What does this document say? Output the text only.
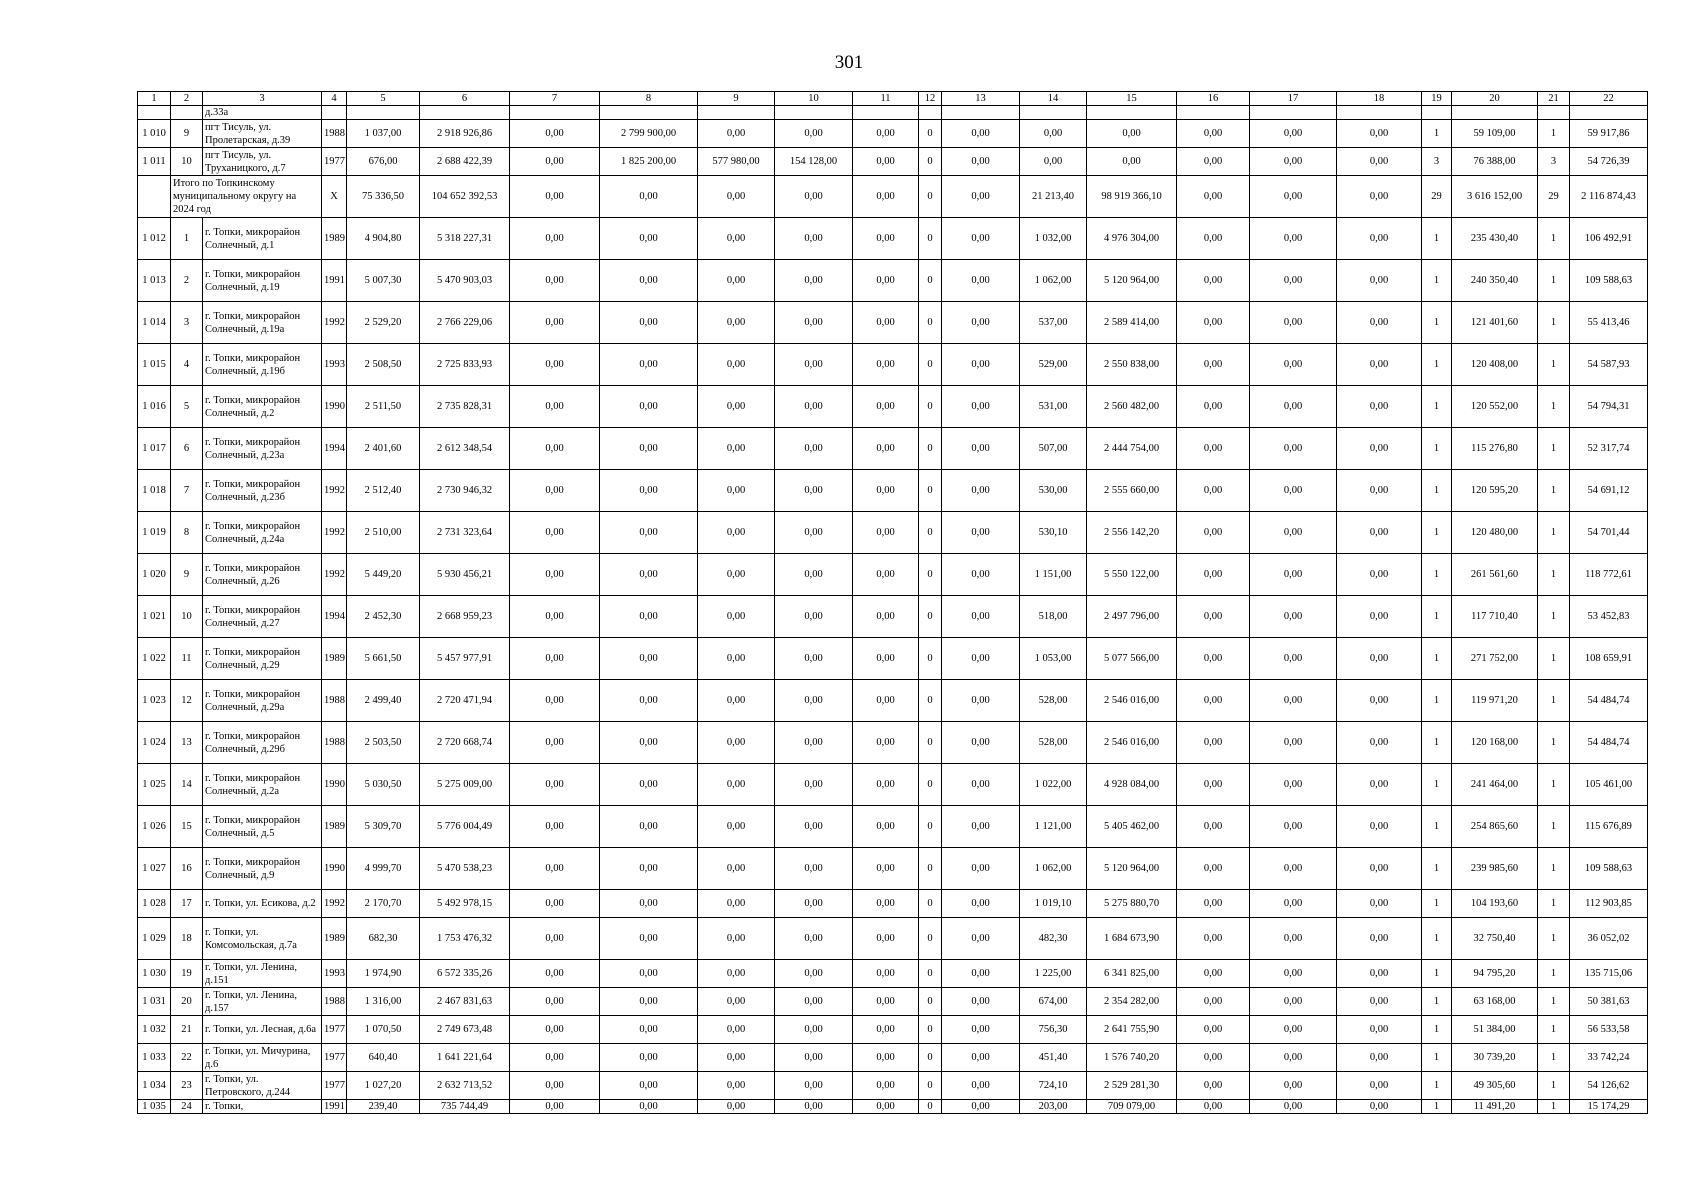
301
1	2	3	4	5	6	7	8	9	10	11	12	13	14	15	16	17	18	19	20	21	22
		д.33а																			
1 010	9	пгт Тисуль, ул. Пролетарская, д.39	1988	1 037,00	2 918 926,86	0,00	2 799 900,00	0,00	0,00	0,00	0	0,00	0,00	0,00	0,00	0,00	0,00	1	59 109,00	1	59 917,86
1 011	10	пгт Тисуль, ул. Труханицкого, д.7	1977	676,00	2 688 422,39	0,00	1 825 200,00	577 980,00	154 128,00	0,00	0	0,00	0,00	0,00	0,00	0,00	0,00	3	76 388,00	3	54 726,39
	Итого по Топкинскому муниципальному округу на 2024 год		X	75 336,50	104 652 392,53	0,00	0,00	0,00	0,00	0,00	0	0,00	21 213,40	98 919 366,10	0,00	0,00	0,00	29	3 616 152,00	29	2 116 874,43
1 012	1	г. Топки, микрорайон Солнечный, д.1	1989	4 904,80	5 318 227,31	0,00	0,00	0,00	0,00	0,00	0	0,00	1 032,00	4 976 304,00	0,00	0,00	0,00	1	235 430,40	1	106 492,91
1 013	2	г. Топки, микрорайон Солнечный, д.19	1991	5 007,30	5 470 903,03	0,00	0,00	0,00	0,00	0,00	0	0,00	1 062,00	5 120 964,00	0,00	0,00	0,00	1	240 350,40	1	109 588,63
1 014	3	г. Топки, микрорайон Солнечный, д.19а	1992	2 529,20	2 766 229,06	0,00	0,00	0,00	0,00	0,00	0	0,00	537,00	2 589 414,00	0,00	0,00	0,00	1	121 401,60	1	55 413,46
1 015	4	г. Топки, микрорайон Солнечный, д.19б	1993	2 508,50	2 725 833,93	0,00	0,00	0,00	0,00	0,00	0	0,00	529,00	2 550 838,00	0,00	0,00	0,00	1	120 408,00	1	54 587,93
1 016	5	г. Топки, микрорайон Солнечный, д.2	1990	2 511,50	2 735 828,31	0,00	0,00	0,00	0,00	0,00	0	0,00	531,00	2 560 482,00	0,00	0,00	0,00	1	120 552,00	1	54 794,31
1 017	6	г. Топки, микрорайон Солнечный, д.23а	1994	2 401,60	2 612 348,54	0,00	0,00	0,00	0,00	0,00	0	0,00	507,00	2 444 754,00	0,00	0,00	0,00	1	115 276,80	1	52 317,74
1 018	7	г. Топки, микрорайон Солнечный, д.23б	1992	2 512,40	2 730 946,32	0,00	0,00	0,00	0,00	0,00	0	0,00	530,00	2 555 660,00	0,00	0,00	0,00	1	120 595,20	1	54 691,12
1 019	8	г. Топки, микрорайон Солнечный, д.24а	1992	2 510,00	2 731 323,64	0,00	0,00	0,00	0,00	0,00	0	0,00	530,10	2 556 142,20	0,00	0,00	0,00	1	120 480,00	1	54 701,44
1 020	9	г. Топки, микрорайон Солнечный, д.26	1992	5 449,20	5 930 456,21	0,00	0,00	0,00	0,00	0,00	0	0,00	1 151,00	5 550 122,00	0,00	0,00	0,00	1	261 561,60	1	118 772,61
1 021	10	г. Топки, микрорайон Солнечный, д.27	1994	2 452,30	2 668 959,23	0,00	0,00	0,00	0,00	0,00	0	0,00	518,00	2 497 796,00	0,00	0,00	0,00	1	117 710,40	1	53 452,83
1 022	11	г. Топки, микрорайон Солнечный, д.29	1989	5 661,50	5 457 977,91	0,00	0,00	0,00	0,00	0,00	0	0,00	1 053,00	5 077 566,00	0,00	0,00	0,00	1	271 752,00	1	108 659,91
1 023	12	г. Топки, микрорайон Солнечный, д.29а	1988	2 499,40	2 720 471,94	0,00	0,00	0,00	0,00	0,00	0	0,00	528,00	2 546 016,00	0,00	0,00	0,00	1	119 971,20	1	54 484,74
1 024	13	г. Топки, микрорайон Солнечный, д.29б	1988	2 503,50	2 720 668,74	0,00	0,00	0,00	0,00	0,00	0	0,00	528,00	2 546 016,00	0,00	0,00	0,00	1	120 168,00	1	54 484,74
1 025	14	г. Топки, микрорайон Солнечный, д.2а	1990	5 030,50	5 275 009,00	0,00	0,00	0,00	0,00	0,00	0	0,00	1 022,00	4 928 084,00	0,00	0,00	0,00	1	241 464,00	1	105 461,00
1 026	15	г. Топки, микрорайон Солнечный, д.5	1989	5 309,70	5 776 004,49	0,00	0,00	0,00	0,00	0,00	0	0,00	1 121,00	5 405 462,00	0,00	0,00	0,00	1	254 865,60	1	115 676,89
1 027	16	г. Топки, микрорайон Солнечный, д.9	1990	4 999,70	5 470 538,23	0,00	0,00	0,00	0,00	0,00	0	0,00	1 062,00	5 120 964,00	0,00	0,00	0,00	1	239 985,60	1	109 588,63
1 028	17	г. Топки, ул. Есикова, д.2	1992	2 170,70	5 492 978,15	0,00	0,00	0,00	0,00	0,00	0	0,00	1 019,10	5 275 880,70	0,00	0,00	0,00	1	104 193,60	1	112 903,85
1 029	18	г. Топки, ул. Комсомольская, д.7а	1989	682,30	1 753 476,32	0,00	0,00	0,00	0,00	0,00	0	0,00	482,30	1 684 673,90	0,00	0,00	0,00	1	32 750,40	1	36 052,02
1 030	19	г. Топки, ул. Ленина, д.151	1993	1 974,90	6 572 335,26	0,00	0,00	0,00	0,00	0,00	0	0,00	1 225,00	6 341 825,00	0,00	0,00	0,00	1	94 795,20	1	135 715,06
1 031	20	г. Топки, ул. Ленина, д.157	1988	1 316,00	2 467 831,63	0,00	0,00	0,00	0,00	0,00	0	0,00	674,00	2 354 282,00	0,00	0,00	0,00	1	63 168,00	1	50 381,63
1 032	21	г. Топки, ул. Лесная, д.6а	1977	1 070,50	2 749 673,48	0,00	0,00	0,00	0,00	0,00	0	0,00	756,30	2 641 755,90	0,00	0,00	0,00	1	51 384,00	1	56 533,58
1 033	22	г. Топки, ул. Мичурина, д.6	1977	640,40	1 641 221,64	0,00	0,00	0,00	0,00	0,00	0	0,00	451,40	1 576 740,20	0,00	0,00	0,00	1	30 739,20	1	33 742,24
1 034	23	г. Топки, ул. Петровского, д.244	1977	1 027,20	2 632 713,52	0,00	0,00	0,00	0,00	0,00	0	0,00	724,10	2 529 281,30	0,00	0,00	0,00	1	49 305,60	1	54 126,62
1 035	24	г. Топки,	1991	239,40	735 744,49	0,00	0,00	0,00	0,00	0,00	0	0,00	203,00	709 079,00	0,00	0,00	0,00	1	11 491,20	1	15 174,29
